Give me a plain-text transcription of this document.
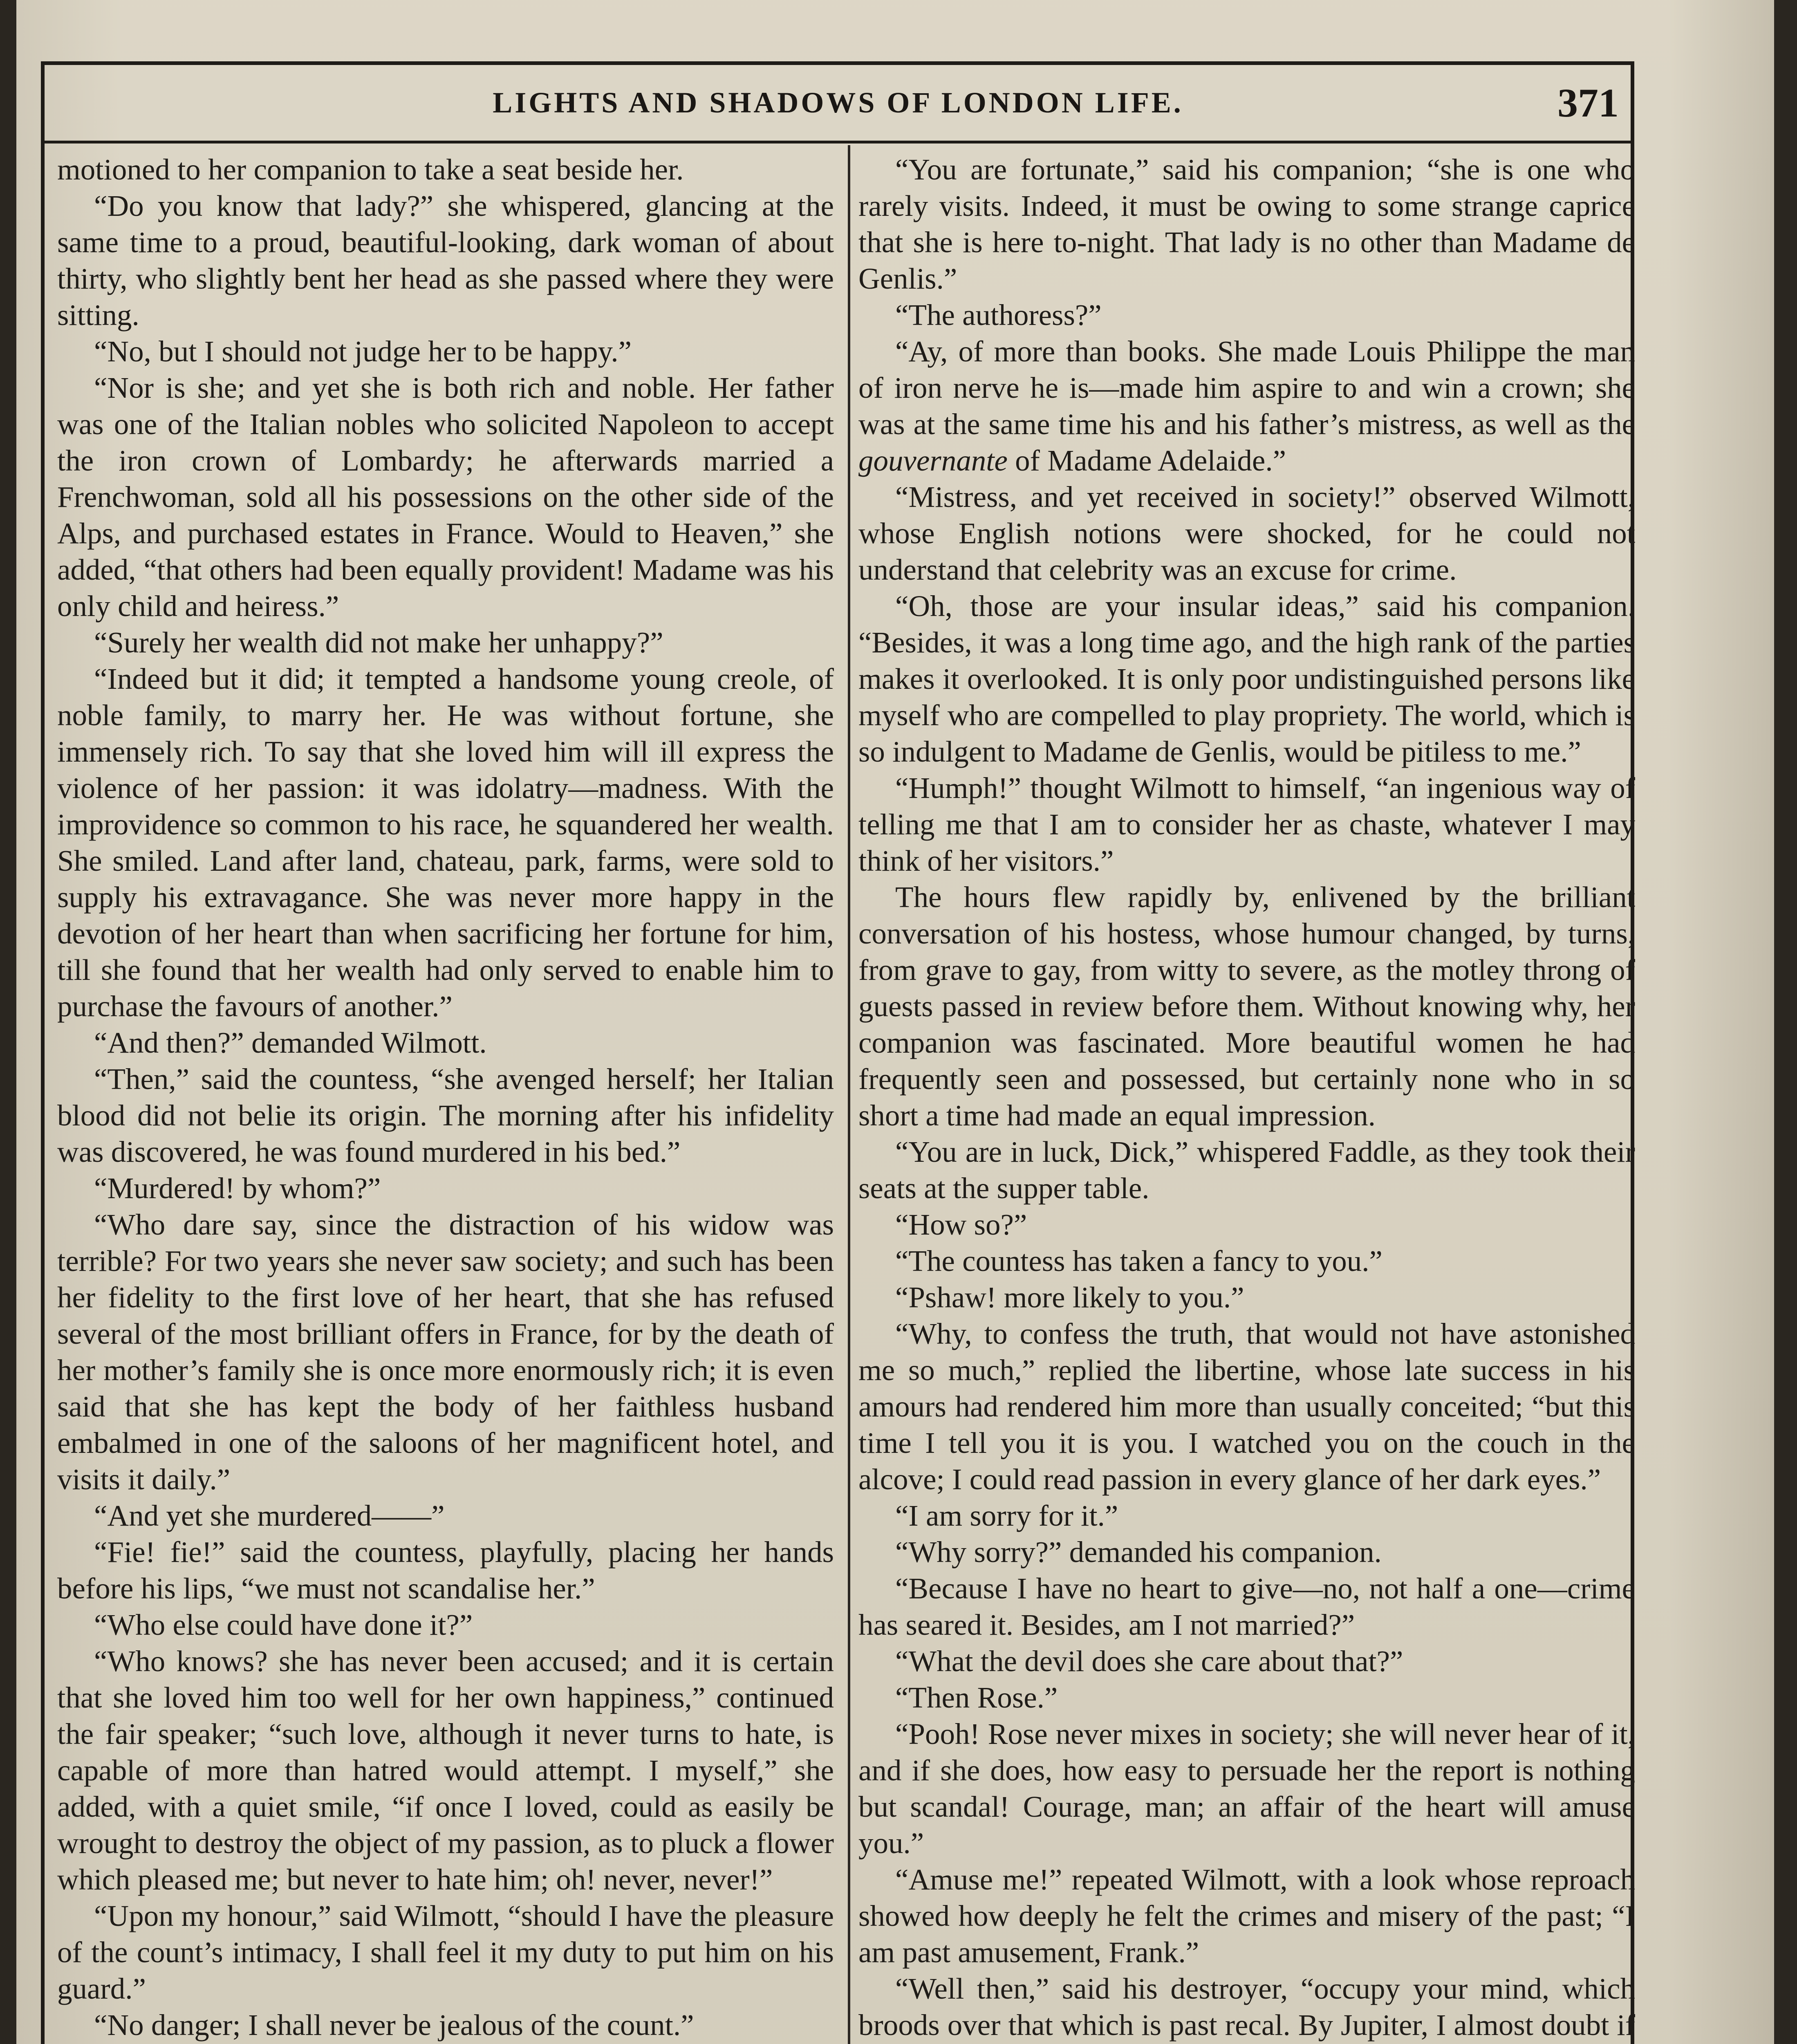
LIGHTS AND SHADOWS OF LONDON LIFE.	371

motioned to her companion to take a seat beside her.

“Do you know that lady?” she whispered, glancing at the same time to a proud, beautiful-looking, dark woman of about thirty, who slightly bent her head as she passed where they were sitting.

“No, but I should not judge her to be happy.”

“Nor is she; and yet she is both rich and noble. Her father was one of the Italian nobles who solicited Napoleon to accept the iron crown of Lombardy; he afterwards married a Frenchwoman, sold all his possessions on the other side of the Alps, and purchased estates in France. Would to Heaven,” she added, “that others had been equally provident! Madame was his only child and heiress.”

“Surely her wealth did not make her unhappy?”

“Indeed but it did; it tempted a handsome young creole, of noble family, to marry her. He was without fortune, she immensely rich. To say that she loved him will ill express the violence of her passion: it was idolatry—madness. With the improvidence so common to his race, he squandered her wealth. She smiled. Land after land, chateau, park, farms, were sold to supply his extravagance. She was never more happy in the devotion of her heart than when sacrificing her fortune for him, till she found that her wealth had only served to enable him to purchase the favours of another.”

“And then?” demanded Wilmott.

“Then,” said the countess, “she avenged herself; her Italian blood did not belie its origin. The morning after his infidelity was discovered, he was found murdered in his bed.”

“Murdered! by whom?”

“Who dare say, since the distraction of his widow was terrible? For two years she never saw society; and such has been her fidelity to the first love of her heart, that she has refused several of the most brilliant offers in France, for by the death of her mother’s family she is once more enormously rich; it is even said that she has kept the body of her faithless husband embalmed in one of the saloons of her magnificent hotel, and visits it daily.”

“And yet she murdered——”

“Fie! fie!” said the countess, playfully, placing her hands before his lips, “we must not scandalise her.”

“Who else could have done it?”

“Who knows? she has never been accused; and it is certain that she loved him too well for her own happiness,” continued the fair speaker; “such love, although it never turns to hate, is capable of more than hatred would attempt. I myself,” she added, with a quiet smile, “if once I loved, could as easily be wrought to destroy the object of my passion, as to pluck a flower which pleased me; but never to hate him; oh! never, never!”

“Upon my honour,” said Wilmott, “should I have the pleasure of the count’s intimacy, I shall feel it my duty to put him on his guard.”

“No danger; I shall never be jealous of the count.”

“You are fortunate,” said his companion; “she is one who rarely visits. Indeed, it must be owing to some strange caprice that she is here to-night. That lady is no other than Madame de Genlis.”

“The authoress?”

“Ay, of more than books. She made Louis Philippe the man of iron nerve he is—made him aspire to and win a crown; she was at the same time his and his father’s mistress, as well as the gouvernante of Madame Adelaide.”

“Mistress, and yet received in society!” observed Wilmott, whose English notions were shocked, for he could not understand that celebrity was an excuse for crime.

“Oh, those are your insular ideas,” said his companion. “Besides, it was a long time ago, and the high rank of the parties makes it overlooked. It is only poor undistinguished persons like myself who are compelled to play propriety. The world, which is so indulgent to Madame de Genlis, would be pitiless to me.”

“Humph!” thought Wilmott to himself, “an ingenious way of telling me that I am to consider her as chaste, whatever I may think of her visitors.”

The hours flew rapidly by, enlivened by the brilliant conversation of his hostess, whose humour changed, by turns, from grave to gay, from witty to severe, as the motley throng of guests passed in review before them. Without knowing why, her companion was fascinated. More beautiful women he had frequently seen and possessed, but certainly none who in so short a time had made an equal impression.

“You are in luck, Dick,” whispered Faddle, as they took their seats at the supper table.

“How so?”

“The countess has taken a fancy to you.”

“Pshaw! more likely to you.”

“Why, to confess the truth, that would not have astonished me so much,” replied the libertine, whose late success in his amours had rendered him more than usually conceited; “but this time I tell you it is you. I watched you on the couch in the alcove; I could read passion in every glance of her dark eyes.”

“I am sorry for it.”

“Why sorry?” demanded his companion.

“Because I have no heart to give—no, not half a one—crime has seared it. Besides, am I not married?”

“What the devil does she care about that?”

“Then Rose.”

“Pooh! Rose never mixes in society; she will never hear of it, and if she does, how easy to persuade her the report is nothing but scandal! Courage, man; an affair of the heart will amuse you.”

“Amuse me!” repeated Wilmott, with a look whose reproach showed how deeply he felt the crimes and misery of the past; “I am past amusement, Frank.”

“Well then,” said his destroyer, “occupy your mind, which broods over that which is past recal. By Jupiter, I almost doubt if
